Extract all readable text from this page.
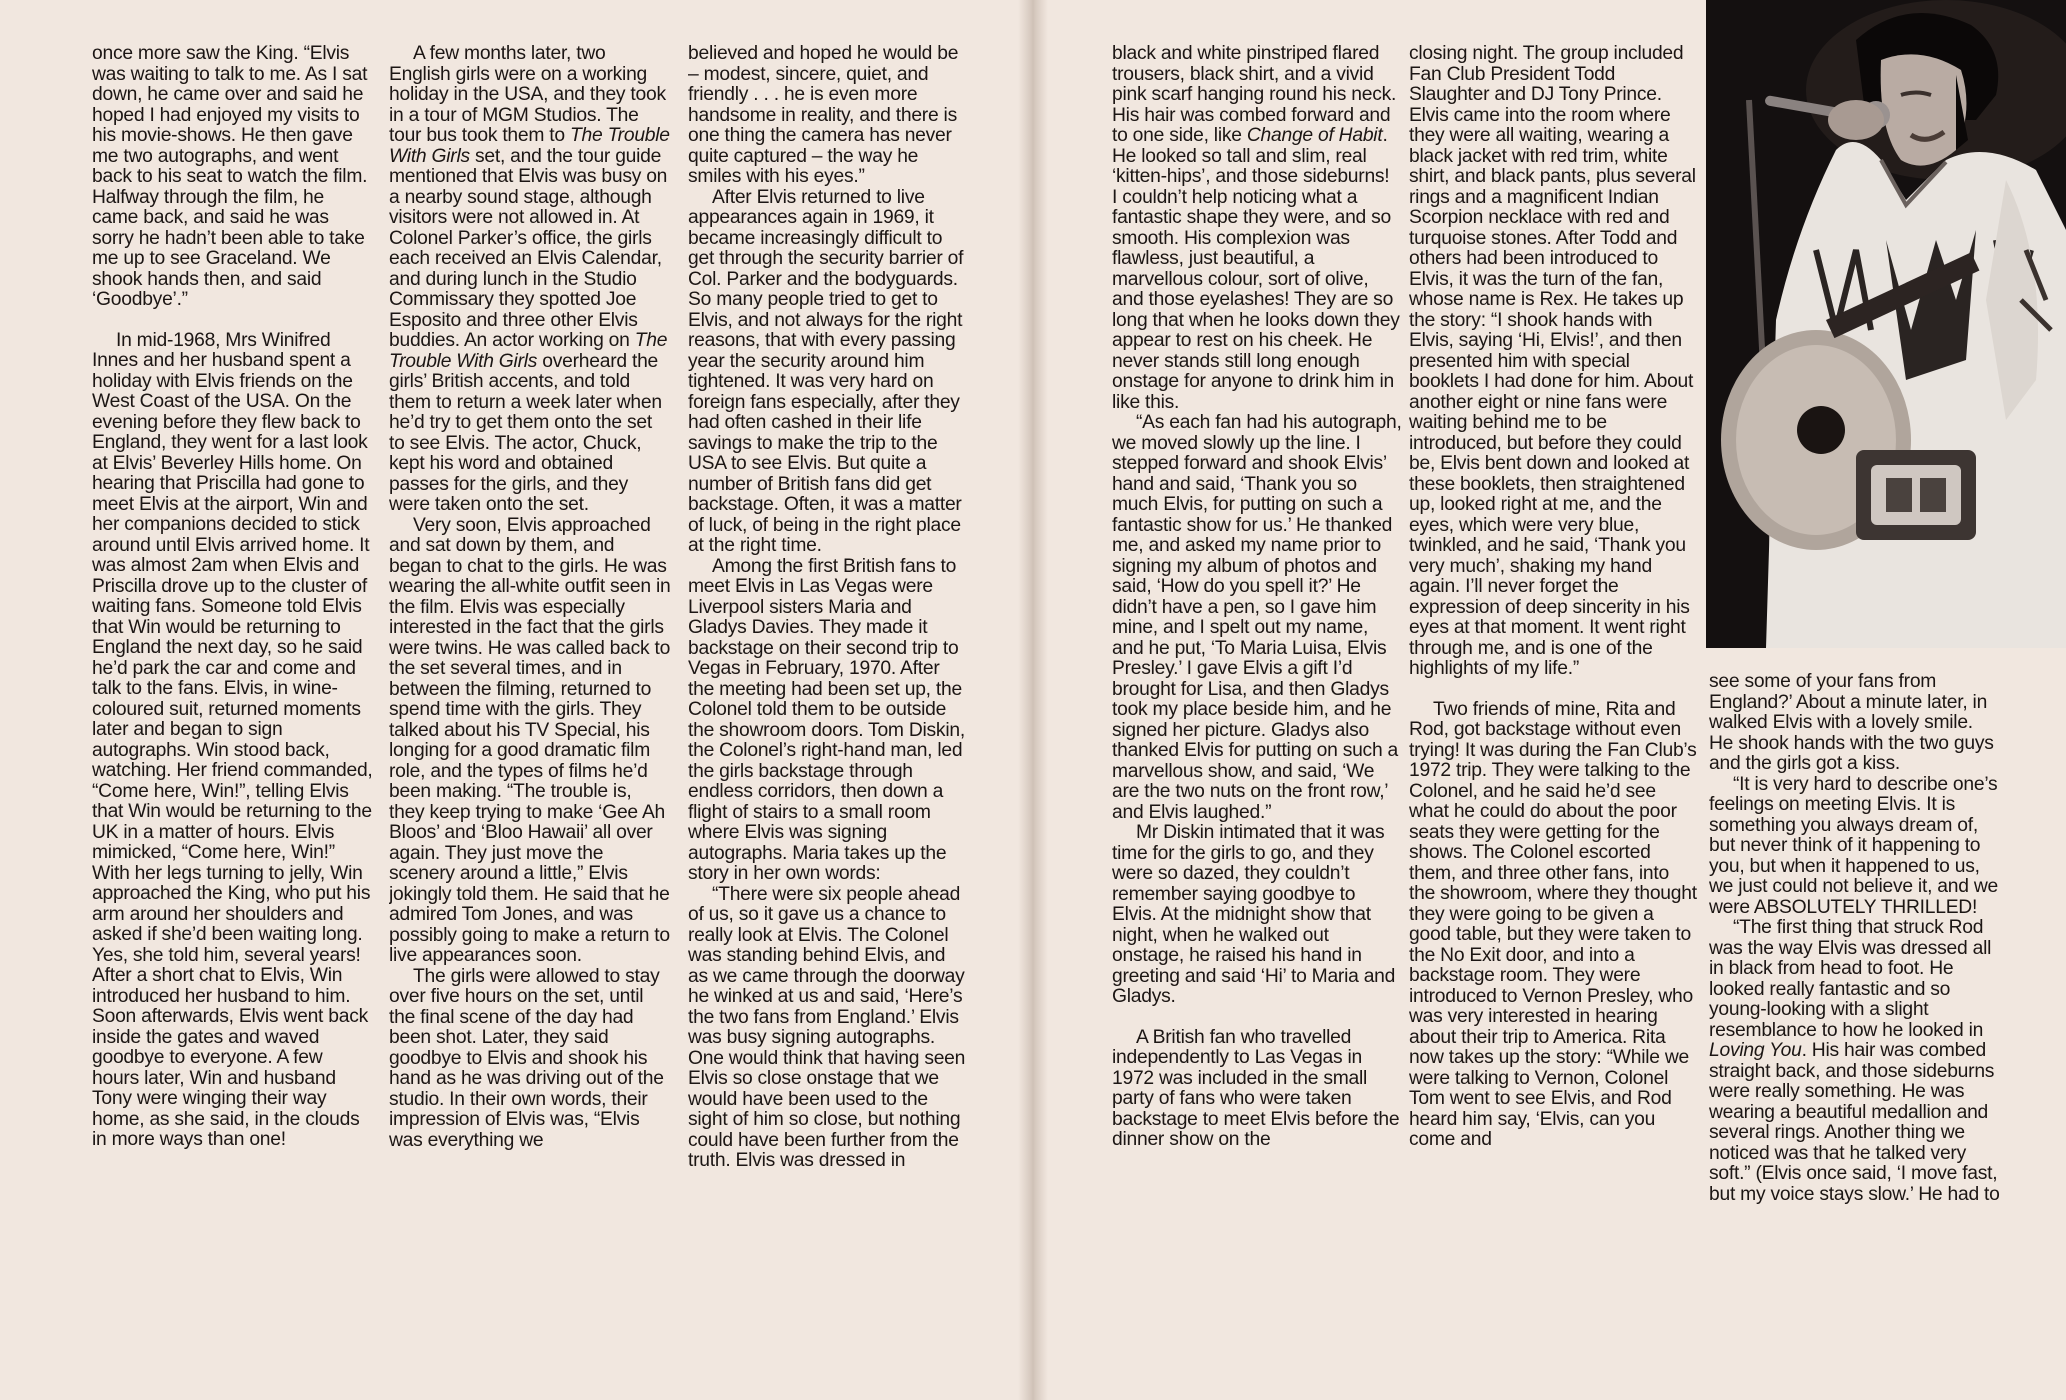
once more saw the King. “Elvis was waiting to talk to me. As I sat down, he came over and said he hoped I had enjoyed my visits to his movie-shows. He then gave me two autographs, and went back to his seat to watch the film. Halfway through the film, he came back, and said he was sorry he hadn’t been able to take me up to see Graceland. We shook hands then, and said ‘Goodbye’.”

In mid-1968, Mrs Winifred Innes and her husband spent a holiday with Elvis friends on the West Coast of the USA. On the evening before they flew back to England, they went for a last look at Elvis’ Beverley Hills home. On hearing that Priscilla had gone to meet Elvis at the airport, Win and her companions decided to stick around until Elvis arrived home. It was almost 2am when Elvis and Priscilla drove up to the cluster of waiting fans. Someone told Elvis that Win would be returning to England the next day, so he said he’d park the car and come and talk to the fans. Elvis, in wine-coloured suit, returned moments later and began to sign autographs. Win stood back, watching. Her friend commanded, “Come here, Win!”, telling Elvis that Win would be returning to the UK in a matter of hours. Elvis mimicked, “Come here, Win!” With her legs turning to jelly, Win approached the King, who put his arm around her shoulders and asked if she’d been waiting long. Yes, she told him, several years! After a short chat to Elvis, Win introduced her husband to him. Soon afterwards, Elvis went back inside the gates and waved goodbye to everyone. A few hours later, Win and husband Tony were winging their way home, as she said, in the clouds in more ways than one!

A few months later, two English girls were on a working holiday in the USA, and they took in a tour of MGM Studios. The tour bus took them to The Trouble With Girls set, and the tour guide mentioned that Elvis was busy on a nearby sound stage, although visitors were not allowed in. At Colonel Parker’s office, the girls each received an Elvis Calendar, and during lunch in the Studio Commissary they spotted Joe Esposito and three other Elvis buddies. An actor working on The Trouble With Girls overheard the girls’ British accents, and told them to return a week later when he’d try to get them onto the set to see Elvis. The actor, Chuck, kept his word and obtained passes for the girls, and they were taken onto the set.

Very soon, Elvis approached and sat down by them, and began to chat to the girls. He was wearing the all-white outfit seen in the film. Elvis was especially interested in the fact that the girls were twins. He was called back to the set several times, and in between the filming, returned to spend time with the girls. They talked about his TV Special, his longing for a good dramatic film role, and the types of films he’d been making. “The trouble is, they keep trying to make ‘Gee Ah Bloos’ and ‘Bloo Hawaii’ all over again. They just move the scenery around a little,” Elvis jokingly told them. He said that he admired Tom Jones, and was possibly going to make a return to live appearances soon.

The girls were allowed to stay over five hours on the set, until the final scene of the day had been shot. Later, they said goodbye to Elvis and shook his hand as he was driving out of the studio. In their own words, their impression of Elvis was, “Elvis was everything we

believed and hoped he would be – modest, sincere, quiet, and friendly . . . he is even more handsome in reality, and there is one thing the camera has never quite captured – the way he smiles with his eyes.”

After Elvis returned to live appearances again in 1969, it became increasingly difficult to get through the security barrier of Col. Parker and the bodyguards. So many people tried to get to Elvis, and not always for the right reasons, that with every passing year the security around him tightened. It was very hard on foreign fans especially, after they had often cashed in their life savings to make the trip to the USA to see Elvis. But quite a number of British fans did get backstage. Often, it was a matter of luck, of being in the right place at the right time.

Among the first British fans to meet Elvis in Las Vegas were Liverpool sisters Maria and Gladys Davies. They made it backstage on their second trip to Vegas in February, 1970. After the meeting had been set up, the Colonel told them to be outside the showroom doors. Tom Diskin, the Colonel’s right-hand man, led the girls backstage through endless corridors, then down a flight of stairs to a small room where Elvis was signing autographs. Maria takes up the story in her own words:

“There were six people ahead of us, so it gave us a chance to really look at Elvis. The Colonel was standing behind Elvis, and as we came through the doorway he winked at us and said, ‘Here’s the two fans from England.’ Elvis was busy signing autographs. One would think that having seen Elvis so close onstage that we would have been used to the sight of him so close, but nothing could have been further from the truth. Elvis was dressed in

black and white pinstriped flared trousers, black shirt, and a vivid pink scarf hanging round his neck. His hair was combed forward and to one side, like Change of Habit. He looked so tall and slim, real ‘kitten-hips’, and those sideburns!

I couldn’t help noticing what a fantastic shape they were, and so smooth. His complexion was flawless, just beautiful, a marvellous colour, sort of olive, and those eyelashes! They are so long that when he looks down they appear to rest on his cheek. He never stands still long enough onstage for anyone to drink him in like this.

“As each fan had his autograph, we moved slowly up the line. I stepped forward and shook Elvis’ hand and said, ‘Thank you so much Elvis, for putting on such a fantastic show for us.’ He thanked me, and asked my name prior to signing my album of photos and said, ‘How do you spell it?’ He didn’t have a pen, so I gave him mine, and I spelt out my name, and he put, ‘To Maria Luisa, Elvis Presley.’ I gave Elvis a gift I’d brought for Lisa, and then Gladys took my place beside him, and he signed her picture. Gladys also thanked Elvis for putting on such a marvellous show, and said, ‘We are the two nuts on the front row,’ and Elvis laughed.”

Mr Diskin intimated that it was time for the girls to go, and they were so dazed, they couldn’t remember saying goodbye to Elvis. At the midnight show that night, when he walked out onstage, he raised his hand in greeting and said ‘Hi’ to Maria and Gladys.

A British fan who travelled independently to Las Vegas in 1972 was included in the small party of fans who were taken backstage to meet Elvis before the dinner show on the

closing night. The group included Fan Club President Todd Slaughter and DJ Tony Prince. Elvis came into the room where they were all waiting, wearing a black jacket with red trim, white shirt, and black pants, plus several rings and a magnificent Indian Scorpion necklace with red and turquoise stones. After Todd and others had been introduced to Elvis, it was the turn of the fan, whose name is Rex. He takes up the story: “I shook hands with Elvis, saying ‘Hi, Elvis!’, and then presented him with special booklets I had done for him. About another eight or nine fans were waiting behind me to be introduced, but before they could be, Elvis bent down and looked at these booklets, then straightened up, looked right at me, and the eyes, which were very blue, twinkled, and he said, ‘Thank you very much’, shaking my hand again. I’ll never forget the expression of deep sincerity in his eyes at that moment. It went right through me, and is one of the highlights of my life.”

Two friends of mine, Rita and Rod, got backstage without even trying! It was during the Fan Club’s 1972 trip. They were talking to the Colonel, and he said he’d see what he could do about the poor seats they were getting for the shows. The Colonel escorted them, and three other fans, into the showroom, where they thought they were going to be given a good table, but they were taken to the No Exit door, and into a backstage room. They were introduced to Vernon Presley, who was very interested in hearing about their trip to America. Rita now takes up the story: “While we were talking to Vernon, Colonel Tom went to see Elvis, and Rod heard him say, ‘Elvis, can you come and

see some of your fans from England?’ About a minute later, in walked Elvis with a lovely smile. He shook hands with the two guys and the girls got a kiss.

“It is very hard to describe one’s feelings on meeting Elvis. It is something you always dream of, but never think of it happening to you, but when it happened to us, we just could not believe it, and we were ABSOLUTELY THRILLED!

“The first thing that struck Rod was the way Elvis was dressed all in black from head to foot. He looked really fantastic and so young-looking with a slight resemblance to how he looked in Loving You. His hair was combed straight back, and those sideburns were really something. He was wearing a beautiful medallion and several rings. Another thing we noticed was that he talked very soft.” (Elvis once said, ‘I move fast, but my voice stays slow.’ He had to
